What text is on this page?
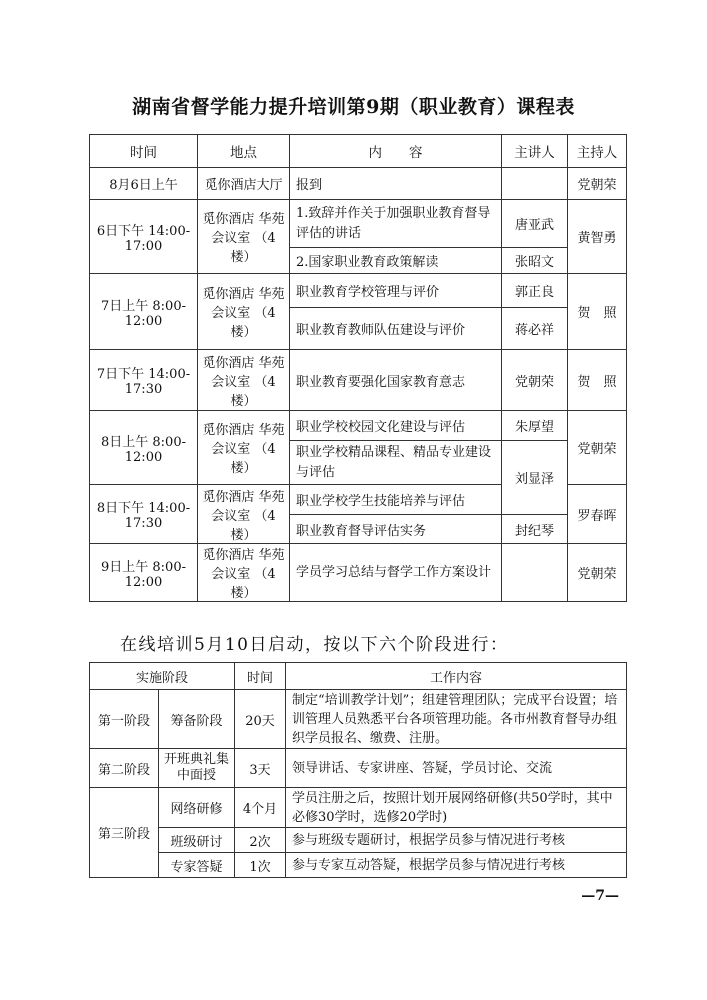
湖南省督学能力提升培训第9期（职业教育）课程表
时间	地点	内　　容	主讲人	主持人
8月6日上午	觅你酒店大厅	报到		党朝荣
6日下午 14:00-17:00	觅你酒店 华苑会议室 （4楼）	1.致辞并作关于加强职业教育督导评估的讲话	唐亚武	黄智勇
		2.国家职业教育政策解读	张昭文	
7日上午 8:00-12:00	觅你酒店 华苑会议室 （4楼）	职业教育学校管理与评价	郭正良	贺　照
		职业教育教师队伍建设与评价	蒋必祥	
7日下午 14:00-17:30	觅你酒店 华苑会议室 （4楼）	职业教育要强化国家教育意志	党朝荣	贺　照
8日上午 8:00-12:00	觅你酒店 华苑会议室 （4楼）	职业学校校园文化建设与评估	朱厚望	党朝荣
		职业学校精品课程、精品专业建设与评估	刘显泽	
8日下午 14:00-17:30	觅你酒店 华苑会议室 （4楼）	职业学校学生技能培养与评估		罗春晖
		职业教育督导评估实务	封纪琴	
9日上午 8:00-12:00	觅你酒店 华苑会议室 （4楼）	学员学习总结与督学工作方案设计		党朝荣
在线培训5月10日启动，按以下六个阶段进行：
实施阶段		时间	工作内容
第一阶段	筹备阶段	20天	制定“培训教学计划”；组建管理团队；完成平台设置；培训管理人员熟悉平台各项管理功能。各市州教育督导办组织学员报名、缴费、注册。
第二阶段	开班典礼集中面授	3天	领导讲话、专家讲座、答疑，学员讨论、交流
第三阶段	网络研修	4个月	学员注册之后，按照计划开展网络研修(共50学时，其中必修30学时，选修20学时)
	班级研讨	2次	参与班级专题研讨，根据学员参与情况进行考核
	专家答疑	1次	参与专家互动答疑，根据学员参与情况进行考核
—7—
